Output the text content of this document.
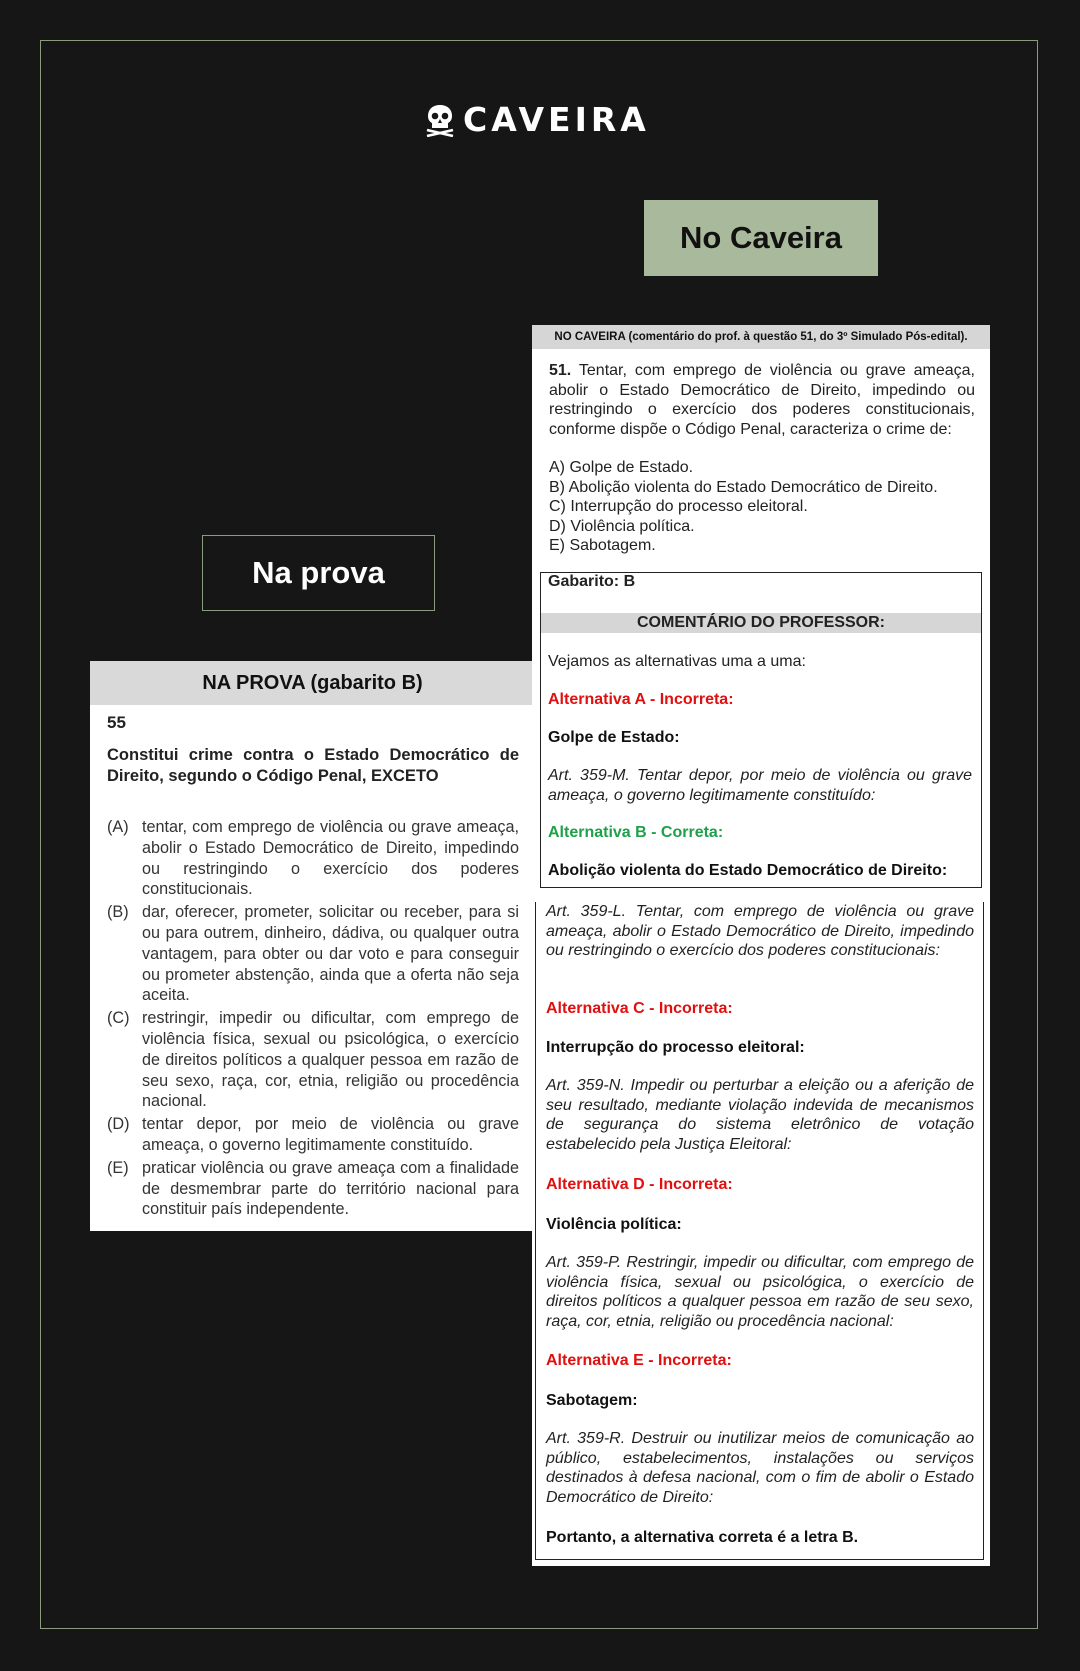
CAVEIRA
No Caveira
Na prova
NA PROVA (gabarito B)
55
Constitui crime contra o Estado Democrático de Direito, segundo o Código Penal, EXCETO
(A) tentar, com emprego de violência ou grave ameaça, abolir o Estado Democrático de Direito, impedindo ou restringindo o exercício dos poderes constitucionais.
(B) dar, oferecer, prometer, solicitar ou receber, para si ou para outrem, dinheiro, dádiva, ou qualquer outra vantagem, para obter ou dar voto e para conseguir ou prometer abstenção, ainda que a oferta não seja aceita.
(C) restringir, impedir ou dificultar, com emprego de violência física, sexual ou psicológica, o exercício de direitos políticos a qualquer pessoa em razão de seu sexo, raça, cor, etnia, religião ou procedência nacional.
(D) tentar depor, por meio de violência ou grave ameaça, o governo legitimamente constituído.
(E) praticar violência ou grave ameaça com a finalidade de desmembrar parte do território nacional para constituir país independente.
NO CAVEIRA (comentário do prof. à questão 51, do 3º Simulado Pós-edital).
51. Tentar, com emprego de violência ou grave ameaça, abolir o Estado Democrático de Direito, impedindo ou restringindo o exercício dos poderes constitucionais, conforme dispõe o Código Penal, caracteriza o crime de:
A) Golpe de Estado.
B) Abolição violenta do Estado Democrático de Direito.
C) Interrupção do processo eleitoral.
D) Violência política.
E) Sabotagem.
Gabarito: B
COMENTÁRIO DO PROFESSOR:
Vejamos as alternativas uma a uma:
Alternativa A - Incorreta:
Golpe de Estado:
Art. 359-M. Tentar depor, por meio de violência ou grave ameaça, o governo legitimamente constituído:
Alternativa B - Correta:
Abolição violenta do Estado Democrático de Direito:
Art. 359-L. Tentar, com emprego de violência ou grave ameaça, abolir o Estado Democrático de Direito, impedindo ou restringindo o exercício dos poderes constitucionais:
Alternativa C - Incorreta:
Interrupção do processo eleitoral:
Art. 359-N. Impedir ou perturbar a eleição ou a aferição de seu resultado, mediante violação indevida de mecanismos de segurança do sistema eletrônico de votação estabelecido pela Justiça Eleitoral:
Alternativa D - Incorreta:
Violência política:
Art. 359-P. Restringir, impedir ou dificultar, com emprego de violência física, sexual ou psicológica, o exercício de direitos políticos a qualquer pessoa em razão de seu sexo, raça, cor, etnia, religião ou procedência nacional:
Alternativa E - Incorreta:
Sabotagem:
Art. 359-R. Destruir ou inutilizar meios de comunicação ao público, estabelecimentos, instalações ou serviços destinados à defesa nacional, com o fim de abolir o Estado Democrático de Direito:
Portanto, a alternativa correta é a letra B.
